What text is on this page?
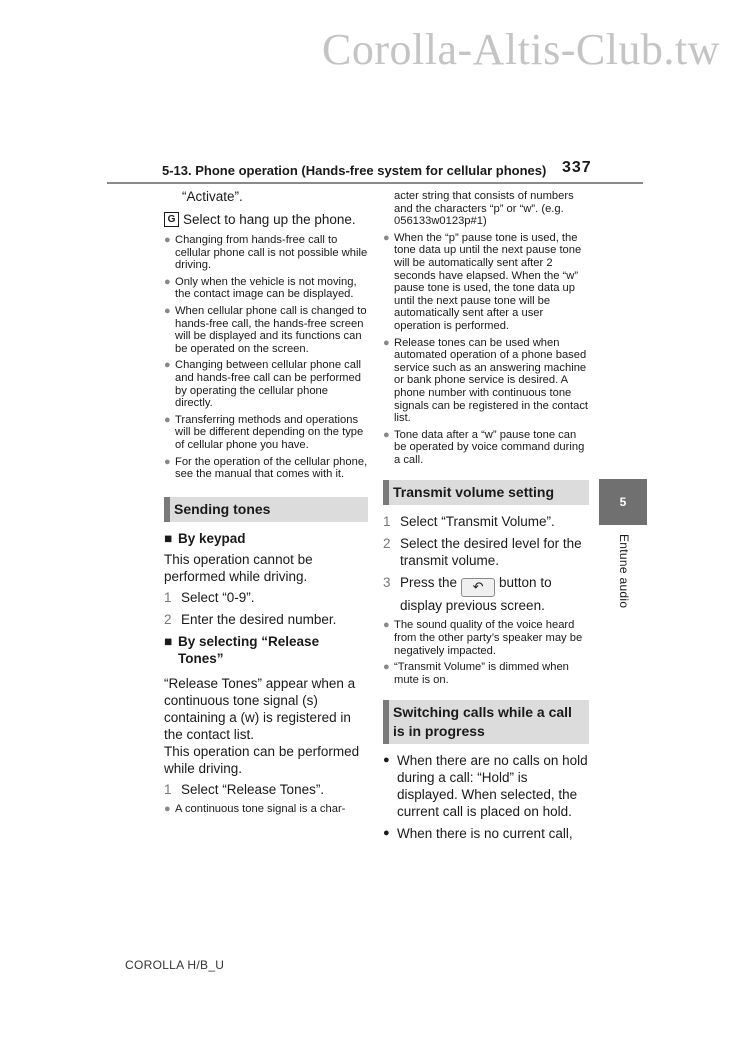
Corolla-Altis-Club.tw
5-13. Phone operation (Hands-free system for cellular phones) 337
5
Entune audio
“Activate”.
G Select to hang up the phone.
● Changing from hands-free call to cellular phone call is not possible while driving.
● Only when the vehicle is not moving, the contact image can be displayed.
● When cellular phone call is changed to hands-free call, the hands-free screen will be displayed and its functions can be operated on the screen.
● Changing between cellular phone call and hands-free call can be performed by operating the cellular phone directly.
● Transferring methods and operations will be different depending on the type of cellular phone you have.
● For the operation of the cellular phone, see the manual that comes with it.
Sending tones
■ By keypad
This operation cannot be performed while driving.
1 Select “0-9”.
2 Enter the desired number.
■ By selecting “Release Tones”
“Release Tones” appear when a continuous tone signal (s) containing a (w) is registered in the contact list.
This operation can be performed while driving.
1 Select “Release Tones”.
● A continuous tone signal is a char-
acter string that consists of numbers and the characters “p” or “w”. (e.g. 056133w0123p#1)
● When the “p” pause tone is used, the tone data up until the next pause tone will be automatically sent after 2 seconds have elapsed. When the “w” pause tone is used, the tone data up until the next pause tone will be automatically sent after a user operation is performed.
● Release tones can be used when automated operation of a phone based service such as an answering machine or bank phone service is desired. A phone number with continuous tone signals can be registered in the contact list.
● Tone data after a “w” pause tone can be operated by voice command during a call.
Transmit volume setting
1 Select “Transmit Volume”.
2 Select the desired level for the transmit volume.
3 Press the ↶ button to display previous screen.
● The sound quality of the voice heard from the other party’s speaker may be negatively impacted.
● “Transmit Volume” is dimmed when mute is on.
Switching calls while a call is in progress
● When there are no calls on hold during a call: “Hold” is displayed. When selected, the current call is placed on hold.
● When there is no current call,
COROLLA H/B_U
